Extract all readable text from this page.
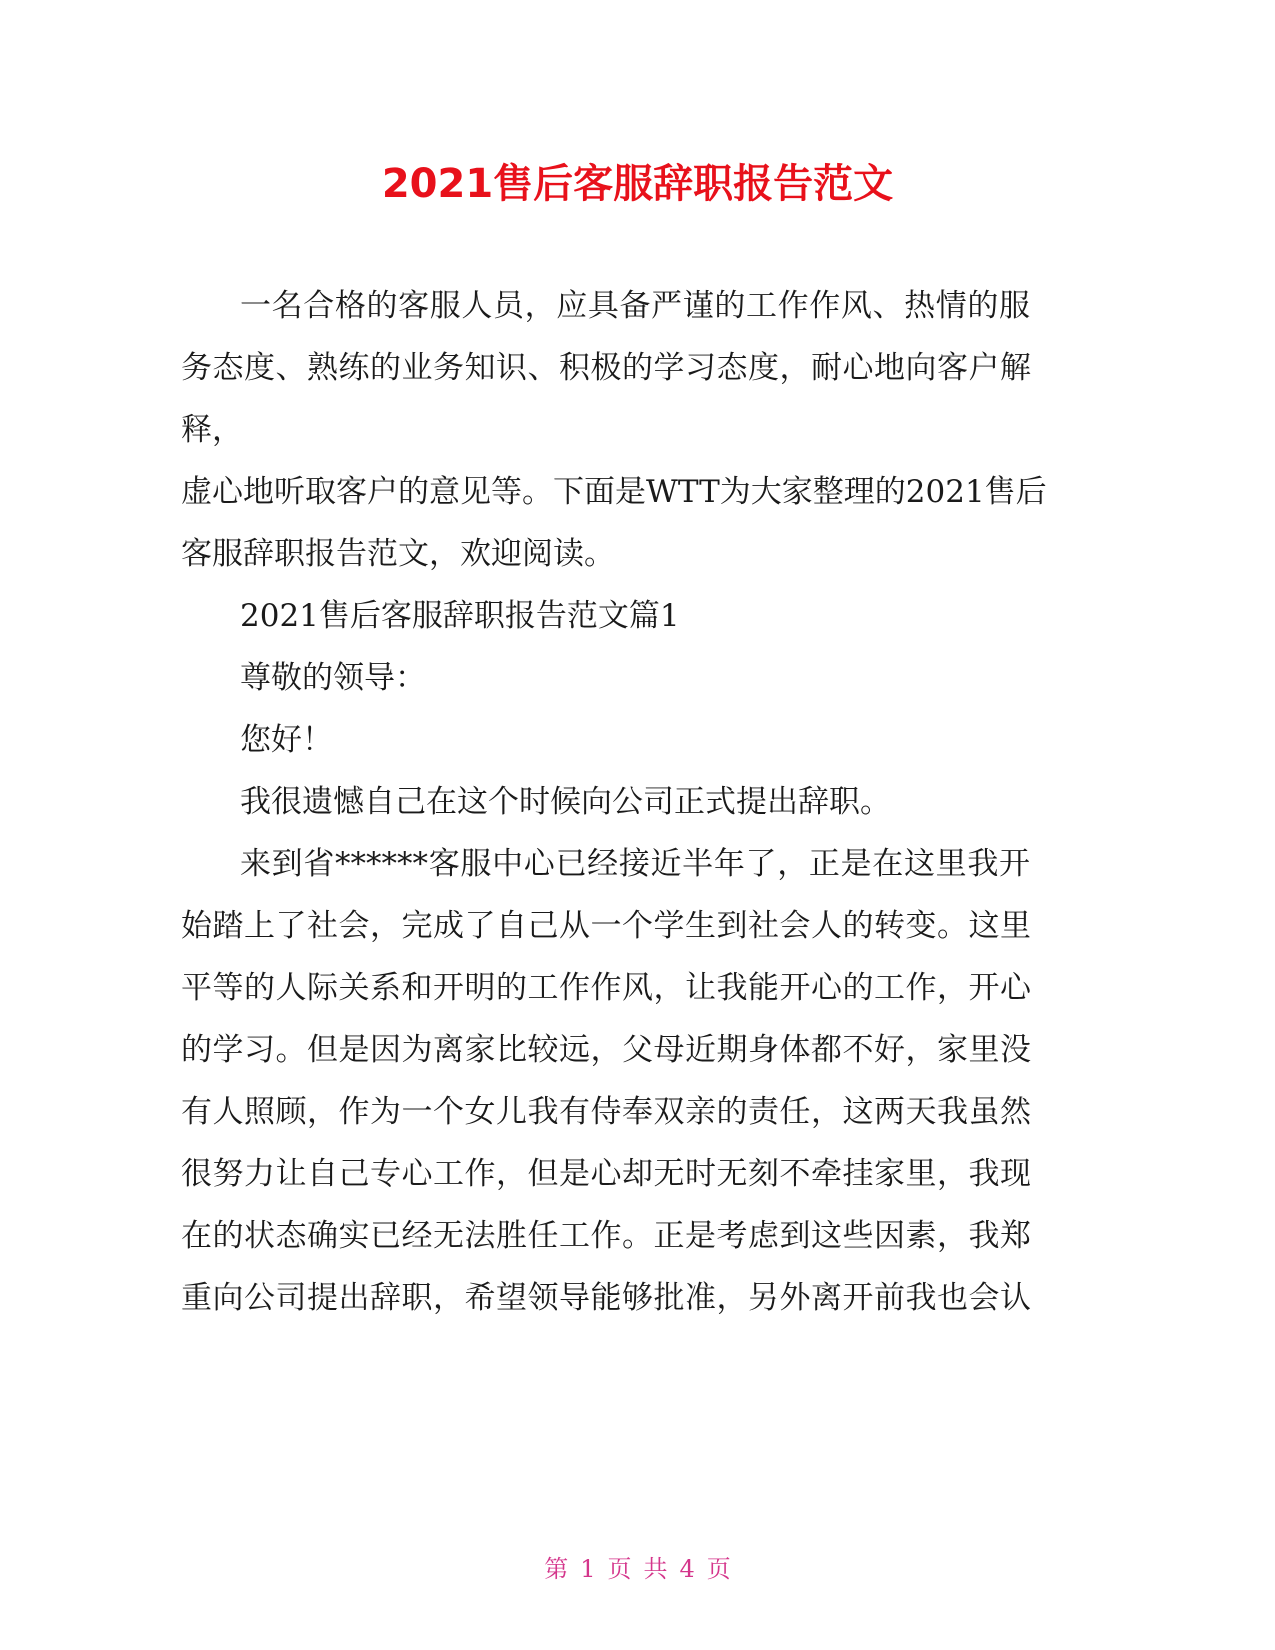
2021售后客服辞职报告范文

一名合格的客服人员，应具备严谨的工作作风、热情的服

务态度、熟练的业务知识、积极的学习态度，耐心地向客户解

释，

虚心地听取客户的意见等。下面是WTT为大家整理的2021售后

客服辞职报告范文，欢迎阅读。

2021售后客服辞职报告范文篇1

尊敬的领导：

您好！

我很遗憾自己在这个时候向公司正式提出辞职。

来到省******客服中心已经接近半年了，正是在这里我开

始踏上了社会，完成了自己从一个学生到社会人的转变。这里

平等的人际关系和开明的工作作风，让我能开心的工作，开心

的学习。但是因为离家比较远，父母近期身体都不好，家里没

有人照顾，作为一个女儿我有侍奉双亲的责任，这两天我虽然

很努力让自己专心工作，但是心却无时无刻不牵挂家里，我现

在的状态确实已经无法胜任工作。正是考虑到这些因素，我郑

重向公司提出辞职，希望领导能够批准，另外离开前我也会认

第 1 页 共 4 页
